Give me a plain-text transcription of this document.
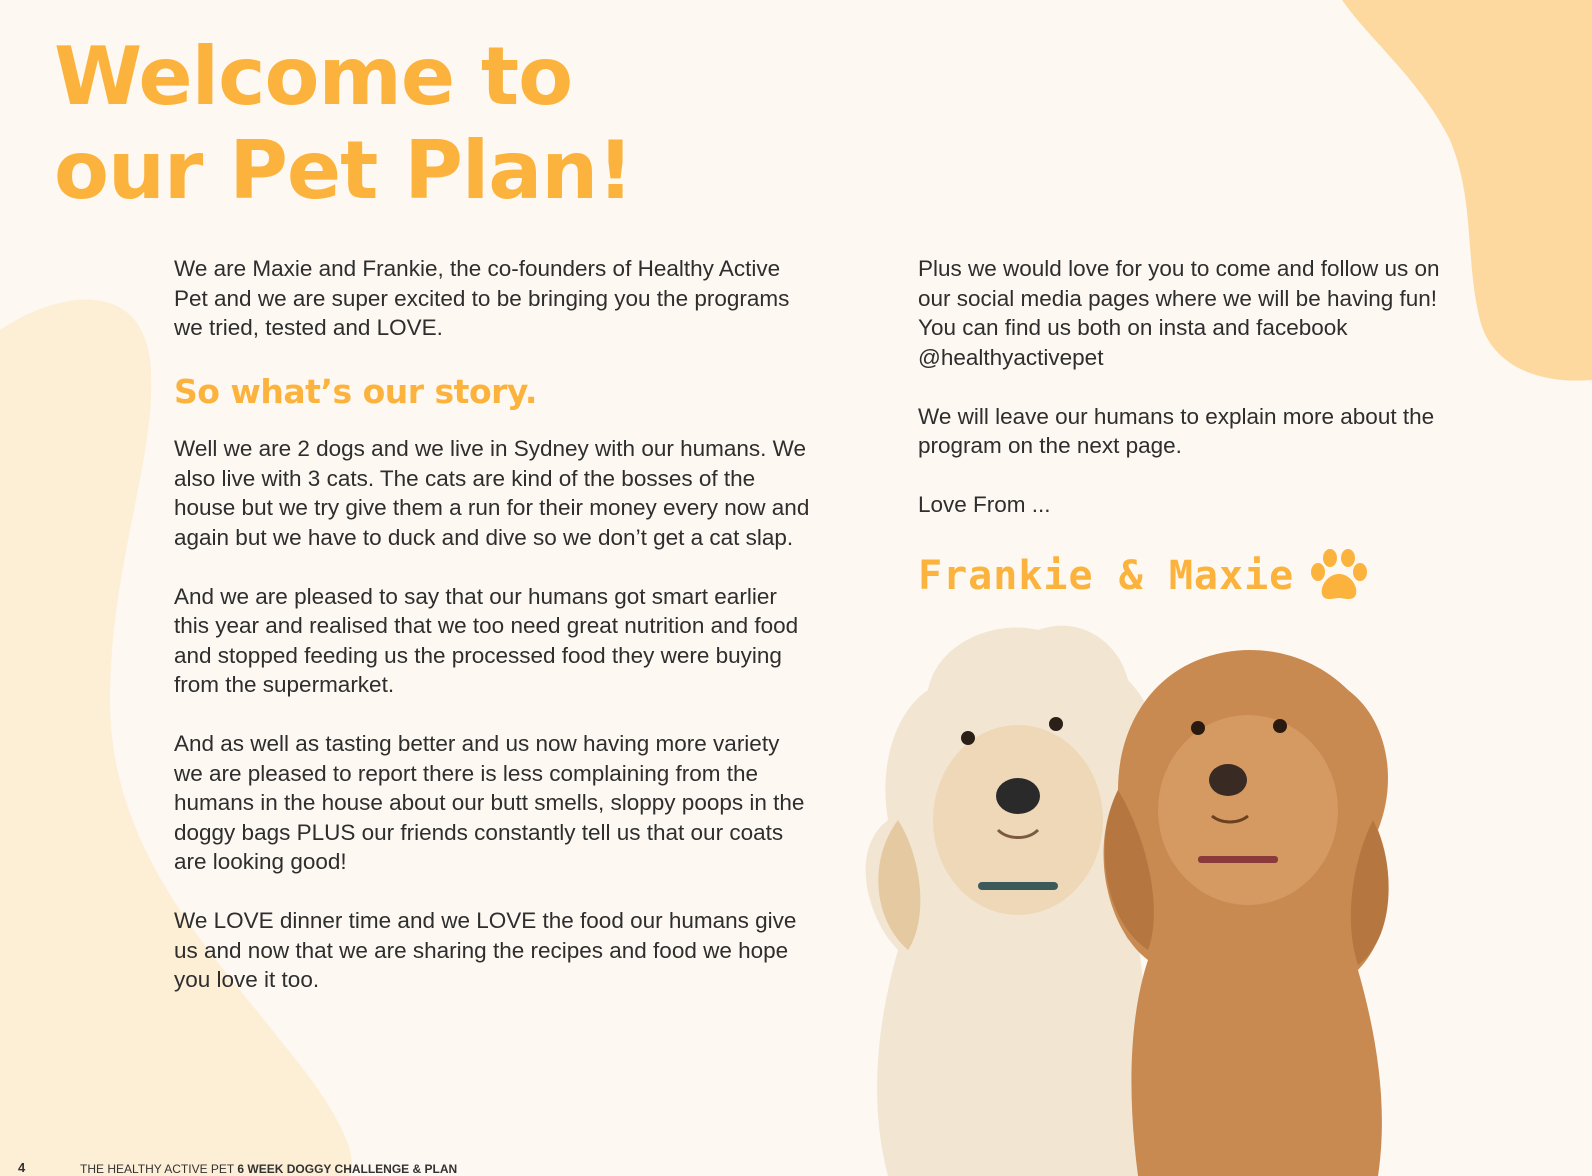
Welcome to
our Pet Plan!

We are Maxie and Frankie, the co-founders of Healthy Active Pet and we are super excited to be bringing you the programs we tried, tested and LOVE.

So what’s our story.

Well we are 2 dogs and we live in Sydney with our humans. We also live with 3 cats. The cats are kind of the bosses of the house but we try give them a run for their money every now and again but we have to duck and dive so we don’t get a cat slap.

And we are pleased to say that our humans got smart earlier this year and realised that we too need great nutrition and food and stopped feeding us the processed food they were buying from the supermarket.

And as well as tasting better and us now having more variety we are pleased to report there is less complaining from the humans in the house about our butt smells, sloppy poops in the doggy bags PLUS our friends constantly tell us that our coats are looking good!

We LOVE dinner time and we LOVE the food our humans give us and now that we are sharing the recipes and food we hope you love it too.

Plus we would love for you to come and follow us on our social media pages where we will be having fun! You can find us both on insta and facebook @healthyactivepet

We will leave our humans to explain more about the program on the next page.

Love From ...

Frankie & Maxie
4	THE HEALTHY ACTIVE PET 6 WEEK DOGGY CHALLENGE & PLAN
